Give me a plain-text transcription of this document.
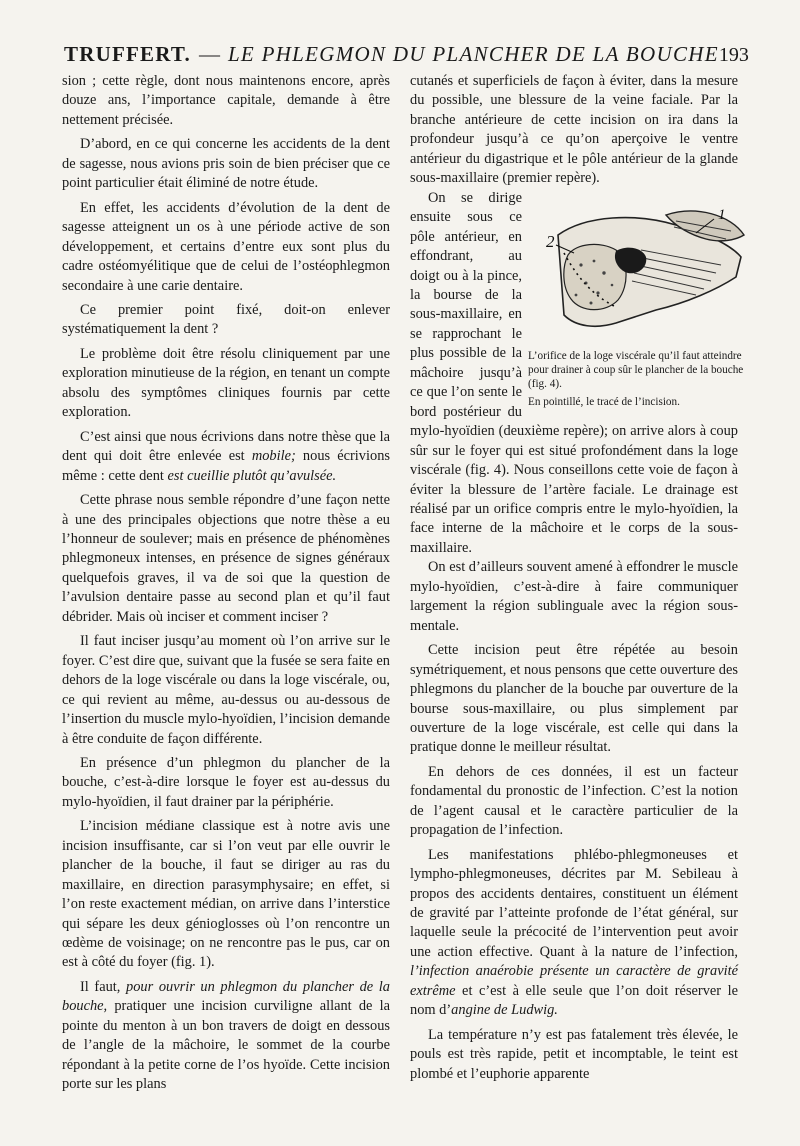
TRUFFERT. — LE PHLEGMON DU PLANCHER DE LA BOUCHE 193

sion ; cette règle, dont nous maintenons encore, après douze ans, l’importance capitale, demande à être nettement précisée.

D’abord, en ce qui concerne les accidents de la dent de sagesse, nous avions pris soin de bien préciser que ce point particulier était éliminé de notre étude.

En effet, les accidents d’évolution de la dent de sagesse atteignent un os à une période active de son développement, et certains d’entre eux sont plus du cadre ostéomyélitique que de celui de l’ostéophlegmon secondaire à une carie dentaire.

Ce premier point fixé, doit-on enlever systématiquement la dent ?

Le problème doit être résolu cliniquement par une exploration minutieuse de la région, en tenant un compte absolu des symptômes cliniques fournis par cette exploration.

C’est ainsi que nous écrivions dans notre thèse que la dent qui doit être enlevée est mobile; nous écrivions même : cette dent est cueillie plutôt qu’avulsée.

Cette phrase nous semble répondre d’une façon nette à une des principales objections que notre thèse a eu l’honneur de soulever; mais en présence de phénomènes phlegmoneux intenses, en présence de signes généraux quelquefois graves, il va de soi que la question de l’avulsion dentaire passe au second plan et qu’il faut débrider. Mais où inciser et comment inciser ?

Il faut inciser jusqu’au moment où l’on arrive sur le foyer. C’est dire que, suivant que la fusée se sera faite en dehors de la loge viscérale ou dans la loge viscérale, ou, ce qui revient au même, au-dessus ou au-dessous de l’insertion du muscle mylo-hyoïdien, l’incision demande à être conduite de façon différente.

En présence d’un phlegmon du plancher de la bouche, c’est-à-dire lorsque le foyer est au-dessus du mylo-hyoïdien, il faut drainer par la périphérie.

L’incision médiane classique est à notre avis une incision insuffisante, car si l’on veut par elle ouvrir le plancher de la bouche, il faut se diriger au ras du maxillaire, en direction parasymphysaire; en effet, si l’on reste exactement médian, on arrive dans l’interstice qui sépare les deux génioglosses où l’on rencontre un œdème de voisinage; on ne rencontre pas le pus, car on est à côté du foyer (fig. 1).

Il faut, pour ouvrir un phlegmon du plancher de la bouche, pratiquer une incision curviligne allant de la pointe du menton à un bon travers de doigt en dessous de l’angle de la mâchoire, le sommet de la courbe répondant à la petite corne de l’os hyoïde. Cette incision porte sur les plans

cutanés et superficiels de façon à éviter, dans la mesure du possible, une blessure de la veine faciale. Par la branche antérieure de cette incision on ira dans la profondeur jusqu’à ce qu’on aperçoive le ventre antérieur du digastrique et le pôle antérieur de la glande sous-maxillaire (premier repère).

1
2
L’orifice de la loge viscérale qu’il faut atteindre pour drainer à coup sûr le plancher de la bouche (fig. 4).
En pointillé, le tracé de l’incision.
On se dirige ensuite sous ce pôle antérieur, en effondrant, au doigt ou à la pince, la bourse de la sous-maxillaire, en se rapprochant le plus possible de la mâchoire jusqu’à ce que l’on sente le bord postérieur du mylo-hyoïdien (deuxième repère); on arrive alors à coup sûr sur le foyer qui est situé profondément dans la loge viscérale (fig. 4). Nous conseillons cette voie de façon à éviter la blessure de l’artère faciale. Le drainage est réalisé par un orifice compris entre le mylo-hyoïdien, la face interne de la mâchoire et le corps de la sous-maxillaire.

On est d’ailleurs souvent amené à effondrer le muscle mylo-hyoïdien, c’est-à-dire à faire communiquer largement la région sublinguale avec la région sous-mentale.

Cette incision peut être répétée au besoin symétriquement, et nous pensons que cette ouverture des phlegmons du plancher de la bouche par ouverture de la bourse sous-maxillaire, ou plus simplement par ouverture de la loge viscérale, est celle qui dans la pratique donne le meilleur résultat.

En dehors de ces données, il est un facteur fondamental du pronostic de l’infection. C’est la notion de l’agent causal et le caractère particulier de la propagation de l’infection.

Les manifestations phlébo-phlegmoneuses et lympho-phlegmoneuses, décrites par M. Sebileau à propos des accidents dentaires, constituent un élément de gravité par l’atteinte profonde de l’état général, sur laquelle seule la précocité de l’intervention peut avoir une action effective. Quant à la nature de l’infection, l’infection anaérobie présente un caractère de gravité extrême et c’est à elle seule que l’on doit réserver le nom d’angine de Ludwig.

La température n’y est pas fatalement très élevée, le pouls est très rapide, petit et incomptable, le teint est plombé et l’euphorie apparente
